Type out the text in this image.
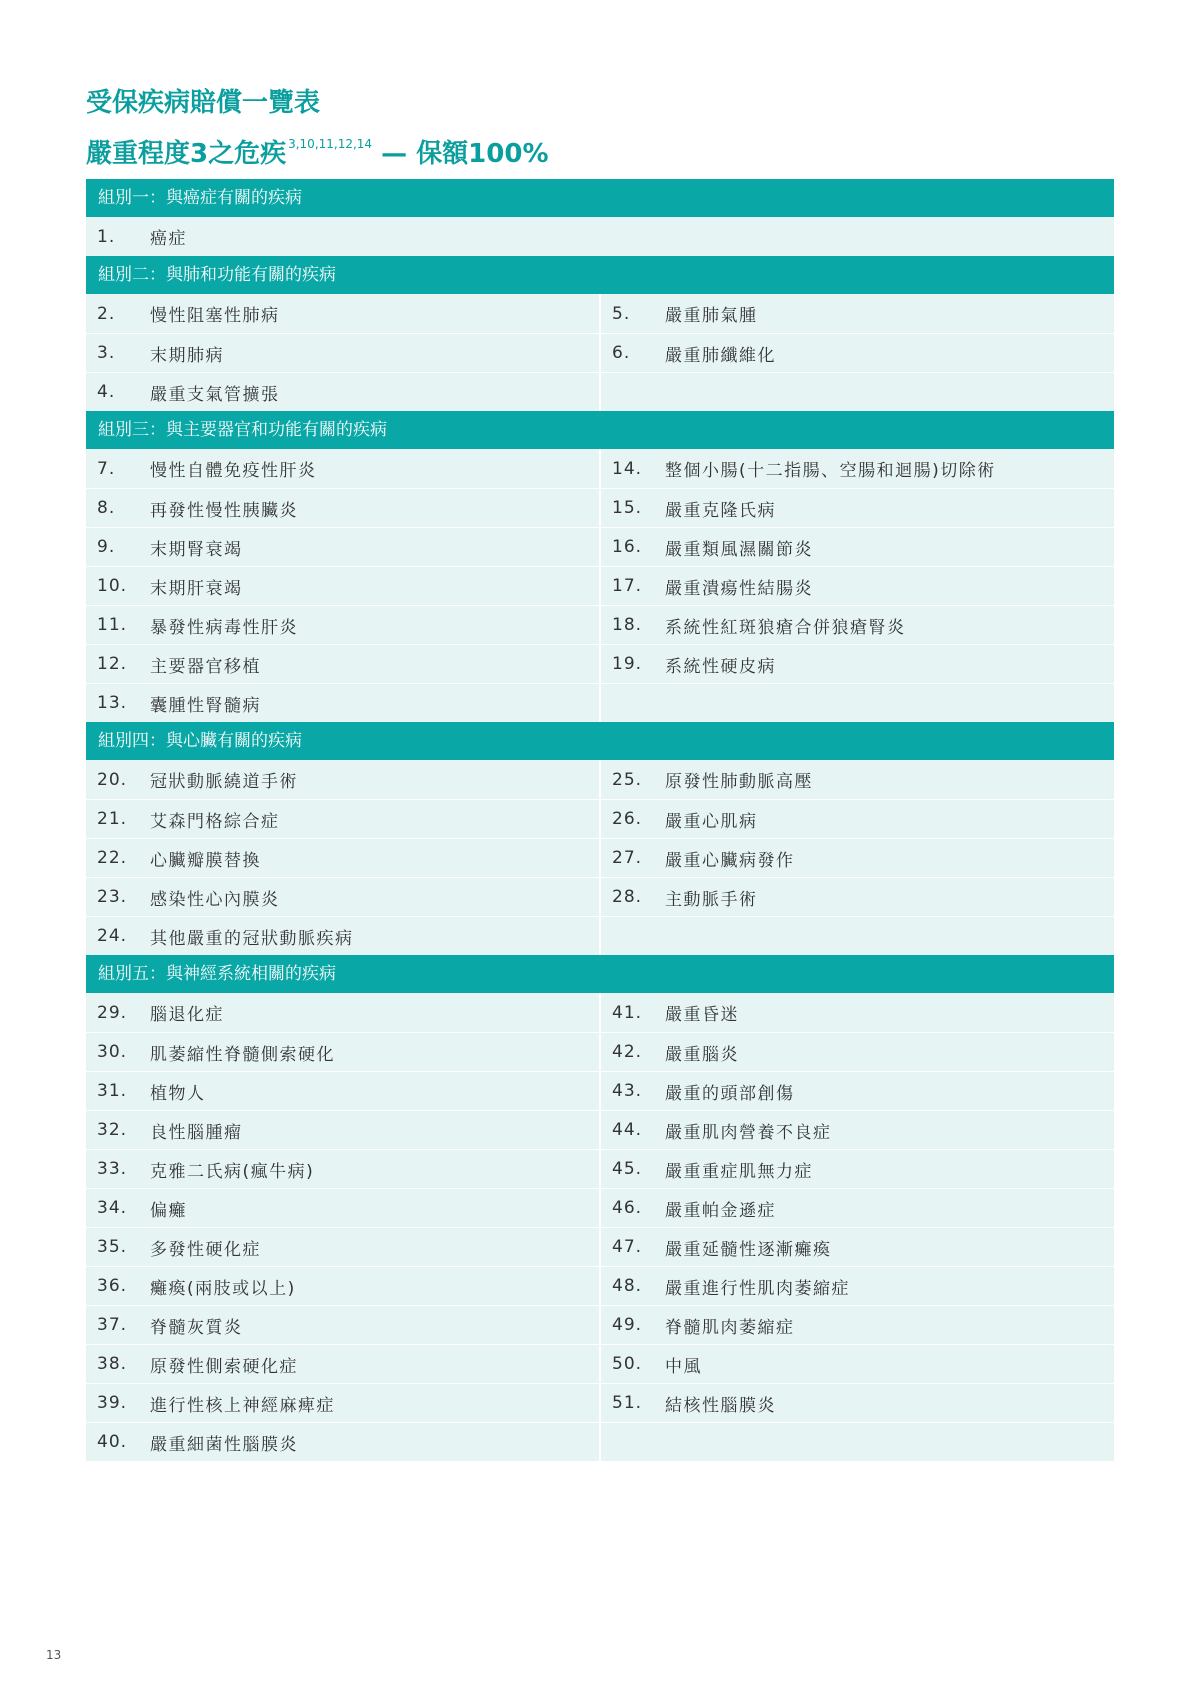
受保疾病賠償一覽表
嚴重程度3之危疾 $^{3,10,11,12,14}$ — 保額100%
組別一：與癌症有關的疾病
1.	癌症
組別二：與肺和功能有關的疾病
2.	慢性阻塞性肺病	5.	嚴重肺氣腫
3.	末期肺病	6.	嚴重肺纖維化
4.	嚴重支氣管擴張
組別三：與主要器官和功能有關的疾病
7.	慢性自體免疫性肝炎	14.	整個小腸(十二指腸、空腸和迴腸)切除術
8.	再發性慢性胰臟炎	15.	嚴重克隆氏病
9.	末期腎衰竭	16.	嚴重類風濕關節炎
10.	末期肝衰竭	17.	嚴重潰瘍性結腸炎
11.	暴發性病毒性肝炎	18.	系統性紅斑狼瘡合併狼瘡腎炎
12.	主要器官移植	19.	系統性硬皮病
13.	囊腫性腎髓病
組別四：與心臟有關的疾病
20.	冠狀動脈繞道手術	25.	原發性肺動脈高壓
21.	艾森門格綜合症	26.	嚴重心肌病
22.	心臟瓣膜替換	27.	嚴重心臟病發作
23.	感染性心內膜炎	28.	主動脈手術
24.	其他嚴重的冠狀動脈疾病
組別五：與神經系統相關的疾病
29.	腦退化症	41.	嚴重昏迷
30.	肌萎縮性脊髓側索硬化	42.	嚴重腦炎
31.	植物人	43.	嚴重的頭部創傷
32.	良性腦腫瘤	44.	嚴重肌肉營養不良症
33.	克雅二氏病(瘋牛病)	45.	嚴重重症肌無力症
34.	偏癱	46.	嚴重帕金遜症
35.	多發性硬化症	47.	嚴重延髓性逐漸癱瘓
36.	癱瘓(兩肢或以上)	48.	嚴重進行性肌肉萎縮症
37.	脊髓灰質炎	49.	脊髓肌肉萎縮症
38.	原發性側索硬化症	50.	中風
39.	進行性核上神經麻痺症	51.	結核性腦膜炎
40.	嚴重細菌性腦膜炎
13
